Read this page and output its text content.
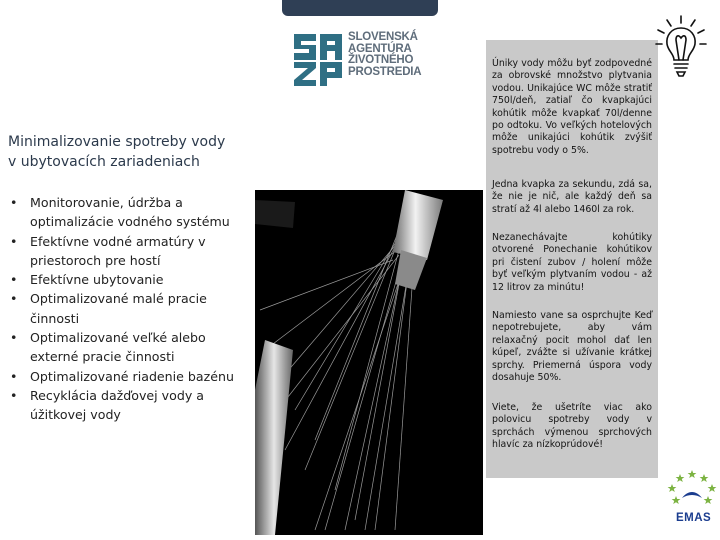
SLOVENSKÁ
AGENTÚRA
ŽIVOTNÉHO
PROSTREDIA
Minimalizovanie spotreby vody
v ubytovacích zariadeniach
• Monitorovanie, údržba a
optimalizácie vodného systému
• Efektívne vodné armatúry v
priestoroch pre hostí
• Efektívne ubytovanie
• Optimalizované malé pracie
činnosti
• Optimalizované veľké alebo
externé pracie činnosti
• Optimalizované riadenie bazénu
• Recyklácia dažďovej vody a
úžitkovej vody

Úniky vody môžu byť zodpovedné za obrovské množstvo plytvania vodou. Unikajúce WC môže stratiť 750l/deň, zatiaľ čo kvapkajúci kohútik môže kvapkať 70l/denne po odtoku. Vo veľkých hotelových môže unikajúci kohútik zvýšiť spotrebu vody o 5%.

Jedna kvapka za sekundu, zdá sa, že nie je nič, ale každý deň sa stratí až 4l alebo 1460l za rok.

Nezanechávajte kohútiky otvorené Ponechanie kohútikov pri čistení zubov / holení môže byť veľkým plytvaním vodou - až 12 litrov za minútu!

Namiesto vane sa osprchujte Keď nepotrebujete, aby vám relaxačný pocit mohol dať len kúpeľ, zvážte si užívanie krátkej sprchy. Priemerná úspora vody dosahuje 50%.

Viete, že ušetríte viac ako polovicu spotreby vody v sprchách výmenou sprchových hlavíc za nízkoprúdové!

EMAS
